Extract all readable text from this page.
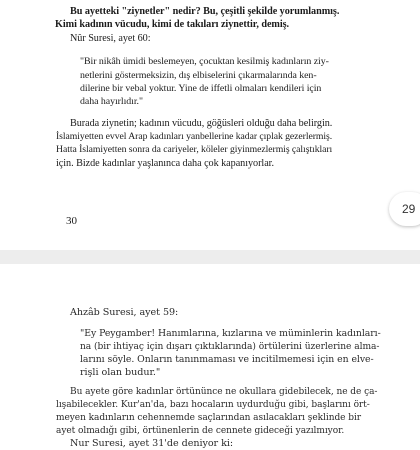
Bu ayetteki "ziynetler" nedir? Bu, çeşitli şekilde yorumlanmış.
Kimi kadının vücudu, kimi de takıları ziynettir, demiş.
Nûr Suresi, ayet 60:
"Bir nikâh ümidi beslemeyen, çocuktan kesilmiş kadınların ziy-
netlerini göstermeksizin, dış elbiselerini çıkarmalarında ken-
dilerine bir vebal yoktur. Yine de iffetli olmaları kendileri için
daha hayırlıdır."
Burada ziynetin; kadının vücudu, göğüsleri olduğu daha belirgin.
İslamiyetten evvel Arap kadınları yanbellerine kadar çıplak gezerlermiş.
Hatta İslamiyetten sonra da cariyeler, köleler giyinmezlermiş çalıştıkları
için. Bizde kadınlar yaşlanınca daha çok kapanıyorlar.
30
29
Ahzâb Suresi, ayet 59:
"Ey Peygamber! Hanımlarına, kızlarına ve müminlerin kadınları-
na (bir ihtiyaç için dışarı çıktıklarında) örtülerini üzerlerine alma-
larını söyle. Onların tanınmaması ve incitilmemesi için en elve-
rişli olan budur."
Bu ayete göre kadınlar örtününce ne okullara gidebilecek, ne de ça-
lışabilecekler. Kur'an'da, bazı hocaların uydurduğu gibi, başlarını ört-
meyen kadınların cehennemde saçlarından asılacakları şeklinde bir
ayet olmadığı gibi, örtünenlerin de cennete gideceği yazılmıyor.
Nur Suresi, ayet 31'de deniyor ki:
